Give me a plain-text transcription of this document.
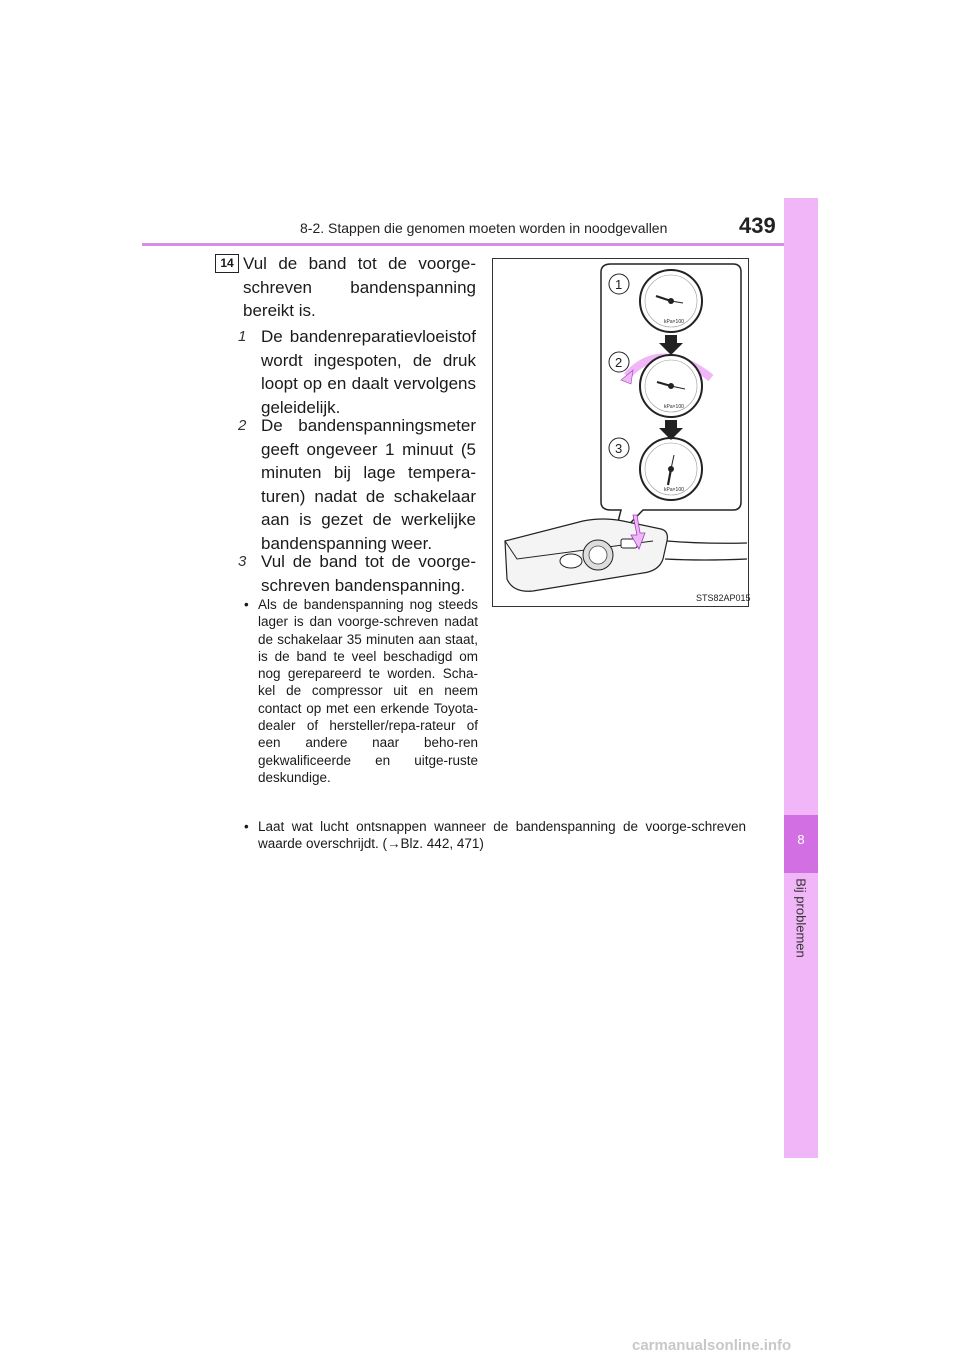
8-2. Stappen die genomen moeten worden in noodgevallen	439
8
Bij problemen
14 Vul de band tot de voorge-schreven bandenspanning bereikt is.
1 De bandenreparatievloeistof wordt ingespoten, de druk loopt op en daalt vervolgens geleidelijk.
2 De bandenspanningsmeter geeft ongeveer 1 minuut (5 minuten bij lage tempera-turen) nadat de schakelaar aan is gezet de werkelijke bandenspanning weer.
3 Vul de band tot de voorge-schreven bandenspanning.
• Als de bandenspanning nog steeds lager is dan voorge-schreven nadat de schakelaar 35 minuten aan staat, is de band te veel beschadigd om nog gerepareerd te worden. Scha-kel de compressor uit en neem contact op met een erkende Toyota-dealer of hersteller/repa-rateur of een andere naar beho-ren gekwalificeerde en uitge-ruste deskundige.
• Laat wat lucht ontsnappen wanneer de bandenspanning de voorge-schreven waarde overschrijdt. (→Blz. 442, 471)
kPa×100
kPa×100
kPa×100
1
2
3
STS82AP015
carmanualsonline.info
